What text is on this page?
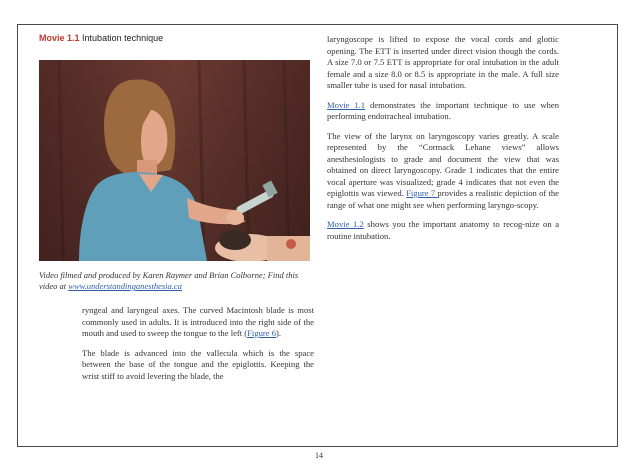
Movie 1.1 Intubation technique
Video filmed and produced by Karen Raymer and Brian Colborne; Find this video at www.understandinganesthesia.ca

ryngeal and laryngeal axes. The curved Macintosh blade is most commonly used in adults. It is introduced into the right side of the mouth and used to sweep the tongue to the left (Figure 6).

The blade is advanced into the vallecula which is the space between the base of the tongue and the epiglottis. Keeping the wrist stiff to avoid levering the blade, the

laryngoscope is lifted to expose the vocal cords and glottic opening. The ETT is inserted under direct vision though the cords. A size 7.0 or 7.5 ETT is appropriate for oral intubation in the adult female and a size 8.0 or 8.5 is appropriate in the male. A full size smaller tube is used for nasal intubation.

Movie 1.1 demonstrates the important technique to use when performing endotracheal intubation.

The view of the larynx on laryngoscopy varies greatly. A scale represented by the “Cormack Lehane views” allows anesthesiologists to grade and document the view that was obtained on direct laryngoscopy. Grade 1 indicates that the entire vocal aperture was visualized; grade 4 indicates that not even the epiglottis was viewed. Figure 7 provides a realistic depiction of the range of what one might see when performing laryngo-scopy.

Movie 1.2 shows you the important anatomy to recog-nize on a routine intubation.

14
